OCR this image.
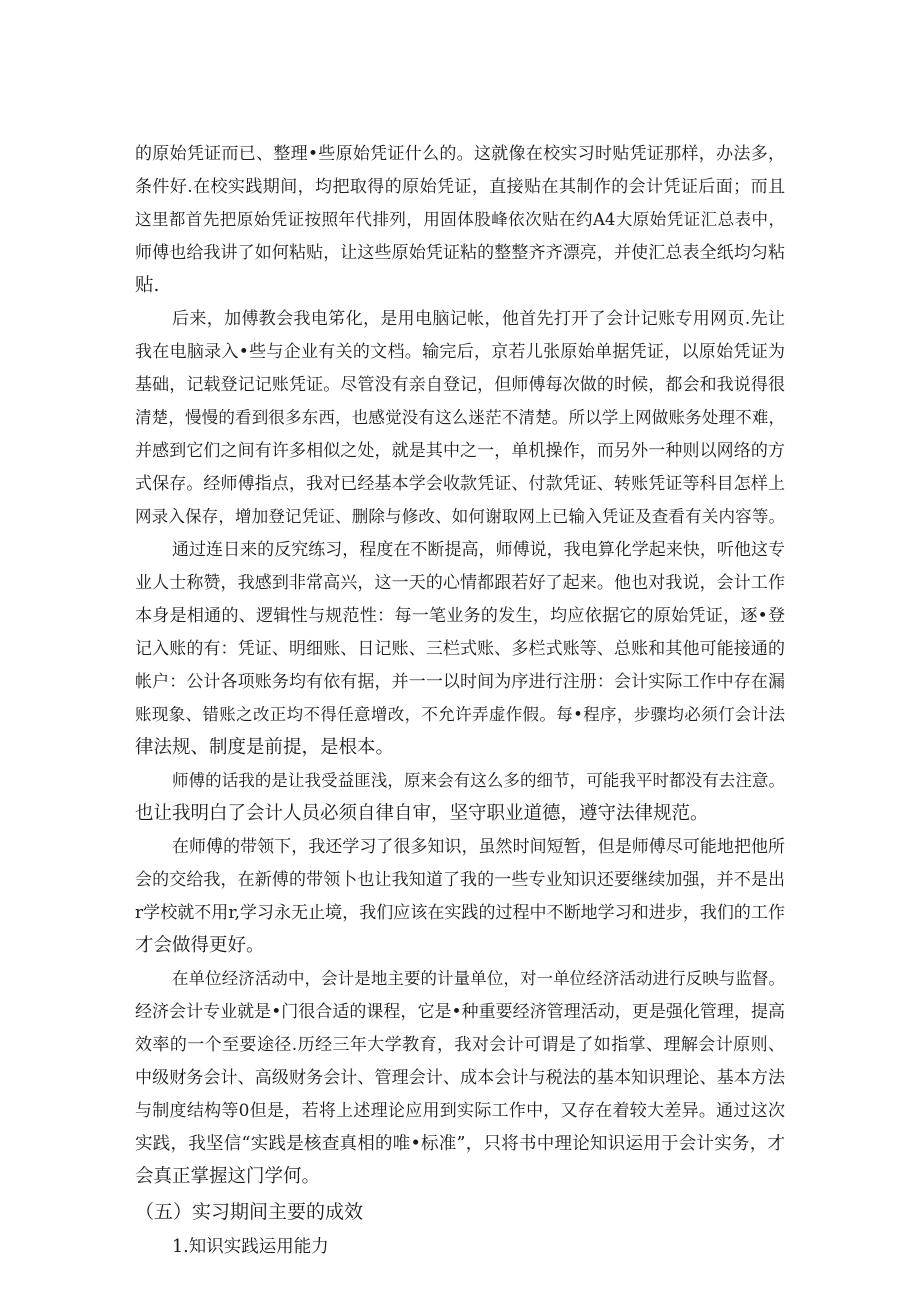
的原始凭证而已、整理•些原始凭证什么的。这就像在校实习时贴凭证那样，办法多，
条件好.在校实践期间，均把取得的原始凭证，直接贴在其制作的会计凭证后面；而且
这里都首先把原始凭证按照年代排列，用固体股峰依次贴在约A4大原始凭证汇总表中，
师傅也给我讲了如何粘贴，让这些原始凭证粘的整整齐齐漂亮，并使汇总表全纸均匀粘
贴.
后来，加傅教会我电笫化，是用电脑记帐，他首先打开了会计记账专用网页.先让
我在电脑录入•些与企业有关的文档。输完后，京若儿张原始单据凭证，以原始凭证为
基础，记载登记记账凭证。尽管没有亲自登记，但师傅每次做的时候，都会和我说得很
清楚，慢慢的看到很多东西，也感觉没有这么迷茫不清楚。所以学上网做账务处理不难，
并感到它们之间有许多相似之处，就是其中之一，单机操作，而另外一种则以网络的方
式保存。经师傅指点，我对已经基本学会收款凭证、付款凭证、转账凭证等科目怎样上
网录入保存，增加登记凭证、删除与修改、如何谢取网上已输入凭证及查看有关内容等。
通过连日来的反究练习，程度在不断提高，师傅说，我电算化学起来快，听他这专
业人士称赞，我感到非常高兴，这一天的心情都跟若好了起来。他也对我说，会计工作
本身是相通的、逻辑性与规范性：每一笔业务的发生，均应依据它的原始凭证，逐•登
记入账的有：凭证、明细账、日记账、三栏式账、多栏式账等、总账和其他可能接通的
帐户：公计各项账务均有依有据，并一一以时间为序进行注册：会计实际工作中存在漏
账现象、错账之改正均不得任意增改，不允许弄虚作假。每•程序，步骤均必须仃会计法
律法规、制度是前提，是根本。
师傅的话我的是让我受益匪浅，原来会有这么多的细节，可能我平时都没有去注意。
也让我明白了会计人员必须自律自审，坚守职业道德，遵守法律规范。
在师傅的带领下，我还学习了很多知识，虽然时间短暂，但是师傅尽可能地把他所
会的交给我，在新傅的带领卜也让我知道了我的一些专业知识还要继续加强，并不是出
r学校就不用r,学习永无止境，我们应该在实践的过程中不断地学习和进步，我们的工作
才会做得更好。
在单位经济活动中，会计是地主要的计量单位，对一单位经济活动进行反映与监督。
经济会计专业就是•门很合适的课程，它是•种重要经济管理活动，更是强化管理，提高
效率的一个至要途径.历经三年大学教育，我对会计可谓是了如指掌、理解会计原则、
中级财务会计、高级财务会计、管理会计、成本会计与税法的基本知识理论、基本方法
与制度结构等0但是，若将上述理论应用到实际工作中，又存在着较大差异。通过这次
实践，我坚信“实践是核查真相的唯•标准”，只将书中理论知识运用于会计实务，才
会真正掌握这门学何。
（五）实习期间主要的成效
1.知识实践运用能力
